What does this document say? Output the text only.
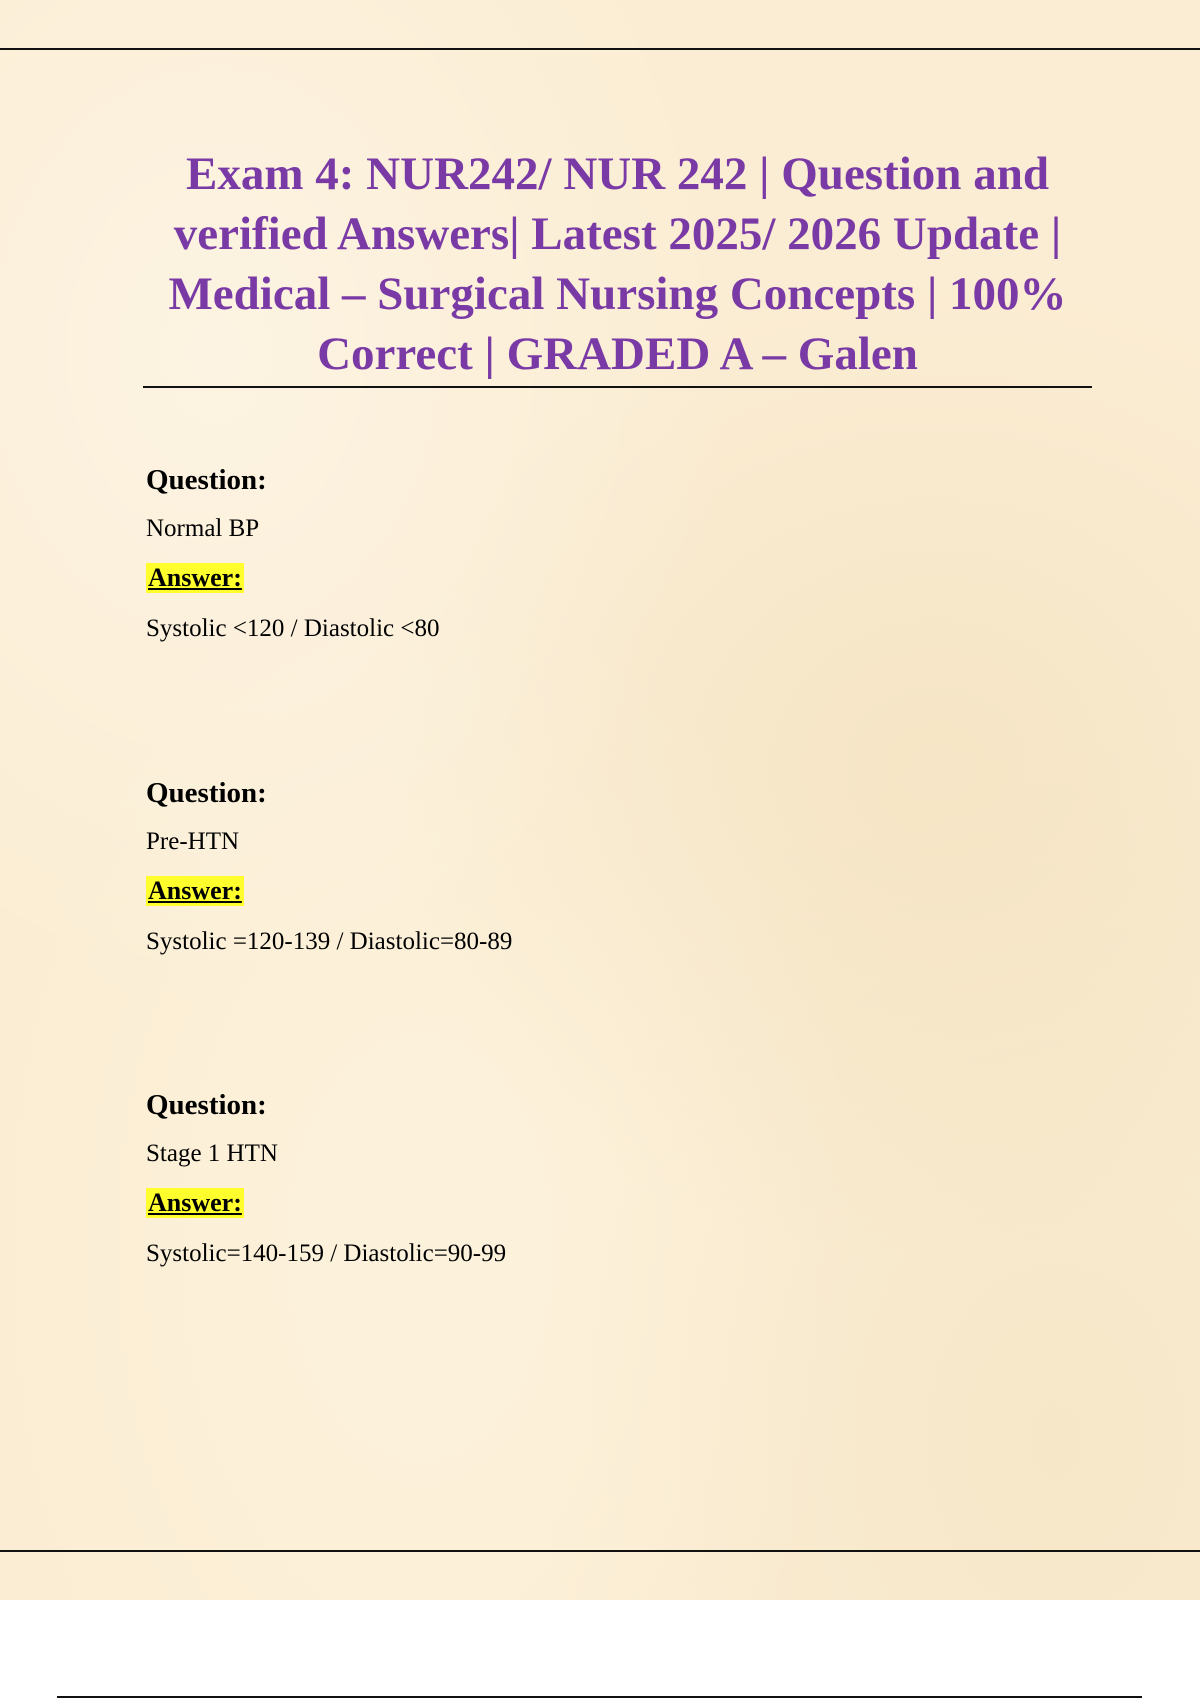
Exam 4: NUR242/ NUR 242 | Question and verified Answers| Latest 2025/ 2026 Update | Medical – Surgical Nursing Concepts | 100% Correct | GRADED A – Galen
Question:
Normal BP
Answer:
Systolic <120 / Diastolic <80
Question:
Pre-HTN
Answer:
Systolic =120-139 / Diastolic=80-89
Question:
Stage 1 HTN
Answer:
Systolic=140-159 / Diastolic=90-99
